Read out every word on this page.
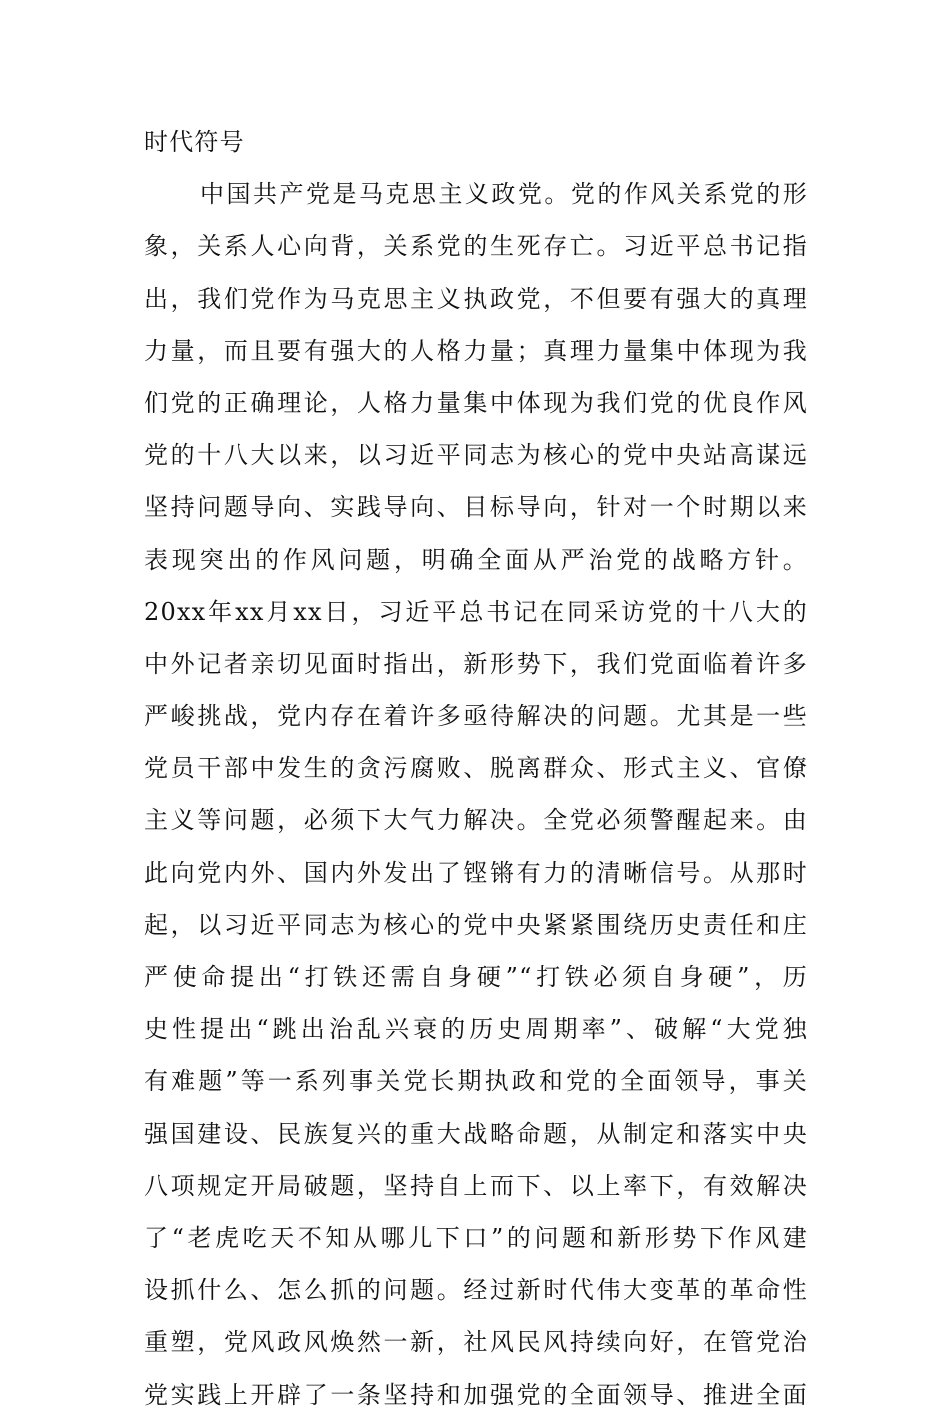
时代符号
中国共产党是马克思主义政党。党的作风关系党的形
象，关系人心向背，关系党的生死存亡。习近平总书记指
出，我们党作为马克思主义执政党，不但要有强大的真理
力量，而且要有强大的人格力量；真理力量集中体现为我
们党的正确理论，人格力量集中体现为我们党的优良作风
党的十八大以来，以习近平同志为核心的党中央站高谋远
坚持问题导向、实践导向、目标导向，针对一个时期以来
表现突出的作风问题，明确全面从严治党的战略方针。
20xx年xx月xx日，习近平总书记在同采访党的十八大的
中外记者亲切见面时指出，新形势下，我们党面临着许多
严峻挑战，党内存在着许多亟待解决的问题。尤其是一些
党员干部中发生的贪污腐败、脱离群众、形式主义、官僚
主义等问题，必须下大气力解决。全党必须警醒起来。由
此向党内外、国内外发出了铿锵有力的清晰信号。从那时
起，以习近平同志为核心的党中央紧紧围绕历史责任和庄
严使命提出“打铁还需自身硬”“打铁必须自身硬”，历
史性提出“跳出治乱兴衰的历史周期率”、破解“大党独
有难题”等一系列事关党长期执政和党的全面领导，事关
强国建设、民族复兴的重大战略命题，从制定和落实中央
八项规定开局破题，坚持自上而下、以上率下，有效解决
了“老虎吃天不知从哪儿下口”的问题和新形势下作风建
设抓什么、怎么抓的问题。经过新时代伟大变革的革命性
重塑，党风政风焕然一新，社风民风持续向好，在管党治
党实践上开辟了一条坚持和加强党的全面领导、推进全面
